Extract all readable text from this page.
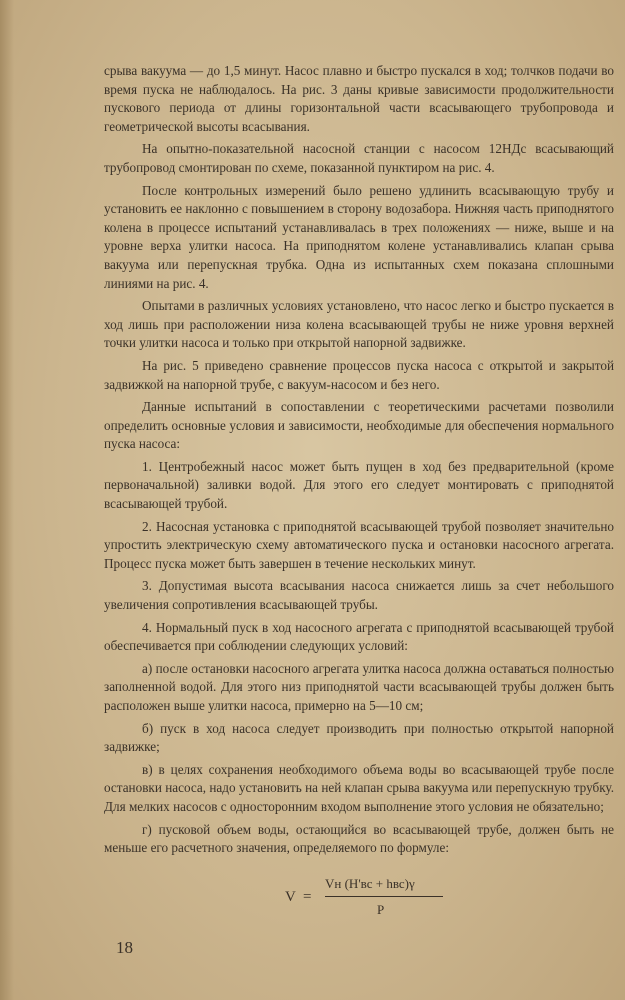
срыва вакуума — до 1,5 минут. Насос плавно и быстро пускался в ход; толчков подачи во время пуска не наблюдалось. На рис. 3 даны кривые зависимости продолжительности пускового периода от длины горизонтальной части всасывающего трубопровода и геометрической высоты всасывания.

На опытно-показательной насосной станции с насосом 12НДс всасывающий трубопровод смонтирован по схеме, показанной пунктиром на рис. 4.

После контрольных измерений было решено удлинить всасывающую трубу и установить ее наклонно с повышением в сторону водозабора. Нижняя часть приподнятого колена в процессе испытаний устанавливалась в трех положениях — ниже, выше и на уровне верха улитки насоса. На приподнятом колене устанавливались клапан срыва вакуума или перепускная трубка. Одна из испытанных схем показана сплошными линиями на рис. 4.

Опытами в различных условиях установлено, что насос легко и быстро пускается в ход лишь при расположении низа колена всасывающей трубы не ниже уровня верхней точки улитки насоса и только при открытой напорной задвижке.

На рис. 5 приведено сравнение процессов пуска насоса с открытой и закрытой задвижкой на напорной трубе, с вакуум-насосом и без него.

Данные испытаний в сопоставлении с теоретическими расчетами позволили определить основные условия и зависимости, необходимые для обеспечения нормального пуска насоса:

1. Центробежный насос может быть пущен в ход без предварительной (кроме первоначальной) заливки водой. Для этого его следует монтировать с приподнятой всасывающей трубой.

2. Насосная установка с приподнятой всасывающей трубой позволяет значительно упростить электрическую схему автоматического пуска и остановки насосного агрегата. Процесс пуска может быть завершен в течение нескольких минут.

3. Допустимая высота всасывания насоса снижается лишь за счет небольшого увеличения сопротивления всасывающей трубы.

4. Нормальный пуск в ход насосного агрегата с приподнятой всасывающей трубой обеспечивается при соблюдении следующих условий:

а) после остановки насосного агрегата улитка насоса должна оставаться полностью заполненной водой. Для этого низ приподнятой части всасывающей трубы должен быть расположен выше улитки насоса, примерно на 5—10 см;

б) пуск в ход насоса следует производить при полностью открытой напорной задвижке;

в) в целях сохранения необходимого объема воды во всасывающей трубе после остановки насоса, надо установить на ней клапан срыва вакуума или перепускную трубку. Для мелких насосов с односторонним входом выполнение этого условия не обязательно;

г) пусковой объем воды, остающийся во всасывающей трубе, должен быть не меньше его расчетного значения, определяемого по формуле:

V =
Vн (H'вс + hвс)γ
P
18
